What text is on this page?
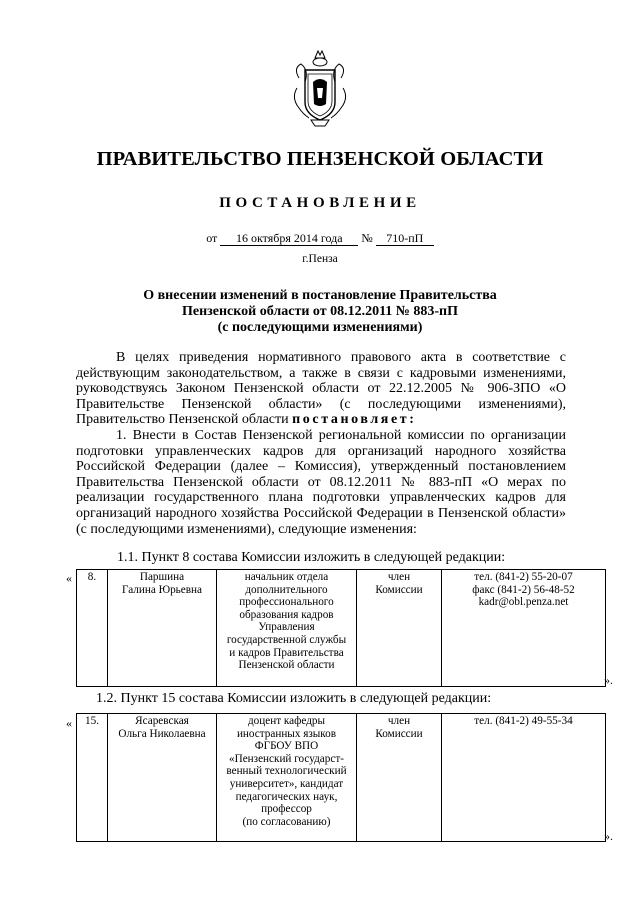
ПРАВИТЕЛЬСТВО ПЕНЗЕНСКОЙ ОБЛАСТИ
ПОСТАНОВЛЕНИЕ
от 16 октября 2014 года № 710-пП
г.Пенза
О внесении изменений в постановление Правительства
Пензенской области от 08.12.2011 № 883-пП
(с последующими изменениями)

В целях приведения нормативного правового акта в соответствие с действующим законодательством, а также в связи с кадровыми изменениями, руководствуясь Законом Пензенской области от 22.12.2005 № 906-ЗПО «О Правительстве Пензенской области» (с последующими изменениями), Правительство Пензенской области постановляет:

1. Внести в Состав Пензенской региональной комиссии по организации подготовки управленческих кадров для организаций народного хозяйства Российской Федерации (далее – Комиссия), утвержденный постановлением Правительства Пензенской области от 08.12.2011 № 883-пП «О мерах по реализации государственного плана подготовки управленческих кадров для организаций народного хозяйства Российской Федерации в Пензенской области» (с последующими изменениями), следующие изменения:

1.1. Пункт 8 состава Комиссии изложить в следующей редакции:
« 8.	Паршина
Галина Юрьевна

начальник отдела
дополнительного
профессионального
образования кадров
Управления
государственной службы
и кадров Правительства
Пензенской области

член
Комиссии

тел. (841-2) 55-20-07
факс (841-2) 56-48-52
kadr@obl.penza.net
».
1.2. Пункт 15 состава Комиссии изложить в следующей редакции:
« 15.	Ясаревская
Ольга Николаевна

доцент кафедры
иностранных языков
ФГБОУ ВПО
«Пензенский государст-
венный технологический
университет», кандидат
педагогических наук,
профессор
(по согласованию)

член
Комиссии

тел. (841-2) 49-55-34
».
